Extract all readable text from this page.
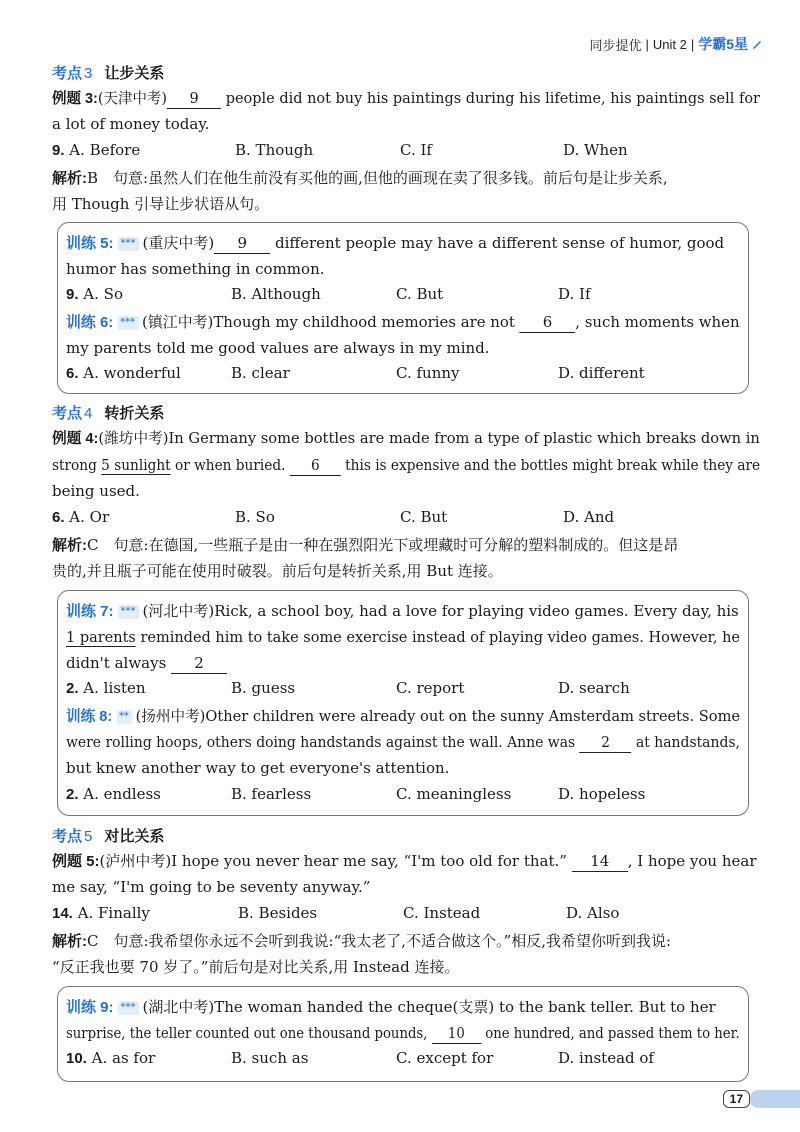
同步提优 | Unit 2 | 学霸5星
考点 3 让步关系
例题 3:(天津中考) 9 people did not buy his paintings during his lifetime, his paintings sell for
a lot of money today.
9. A. Before	B. Though	C. If	D. When
解析:B　句意:虽然人们在他生前没有买他的画,但他的画现在卖了很多钱。前后句是让步关系,
用 Though 引导让步状语从句。
训练 5: *** (重庆中考) 9 different people may have a different sense of humor, good
humor has something in common.
9. A. So	B. Although	C. But	D. If
训练 6: *** (镇江中考)Though my childhood memories are not 6 , such moments when
my parents told me good values are always in my mind.
6. A. wonderful	B. clear	C. funny	D. different
考点 4 转折关系
例题 4:(潍坊中考)In Germany some bottles are made from a type of plastic which breaks down in
strong 5 sunlight or when buried. 6 this is expensive and the bottles might break while they are
being used.
6. A. Or	B. So	C. But	D. And
解析:C　句意:在德国,一些瓶子是由一种在强烈阳光下或埋藏时可分解的塑料制成的。但这是昂
贵的,并且瓶子可能在使用时破裂。前后句是转折关系,用 But 连接。
训练 7: *** (河北中考)Rick, a school boy, had a love for playing video games. Every day, his
1 parents reminded him to take some exercise instead of playing video games. However, he
didn't always 2
2. A. listen	B. guess	C. report	D. search
训练 8: ** (扬州中考)Other children were already out on the sunny Amsterdam streets. Some
were rolling hoops, others doing handstands against the wall. Anne was 2 at handstands,
but knew another way to get everyone's attention.
2. A. endless	B. fearless	C. meaningless	D. hopeless
考点 5 对比关系
例题 5:(泸州中考)I hope you never hear me say, “I'm too old for that.” 14 , I hope you hear
me say, “I'm going to be seventy anyway.”
14. A. Finally	B. Besides	C. Instead	D. Also
解析:C　句意:我希望你永远不会听到我说:“我太老了,不适合做这个。”相反,我希望你听到我说:
“反正我也要 70 岁了。”前后句是对比关系,用 Instead 连接。
训练 9: *** (湖北中考)The woman handed the cheque(支票) to the bank teller. But to her
surprise, the teller counted out one thousand pounds, 10 one hundred, and passed them to her.
10. A. as for	B. such as	C. except for	D. instead of
17
